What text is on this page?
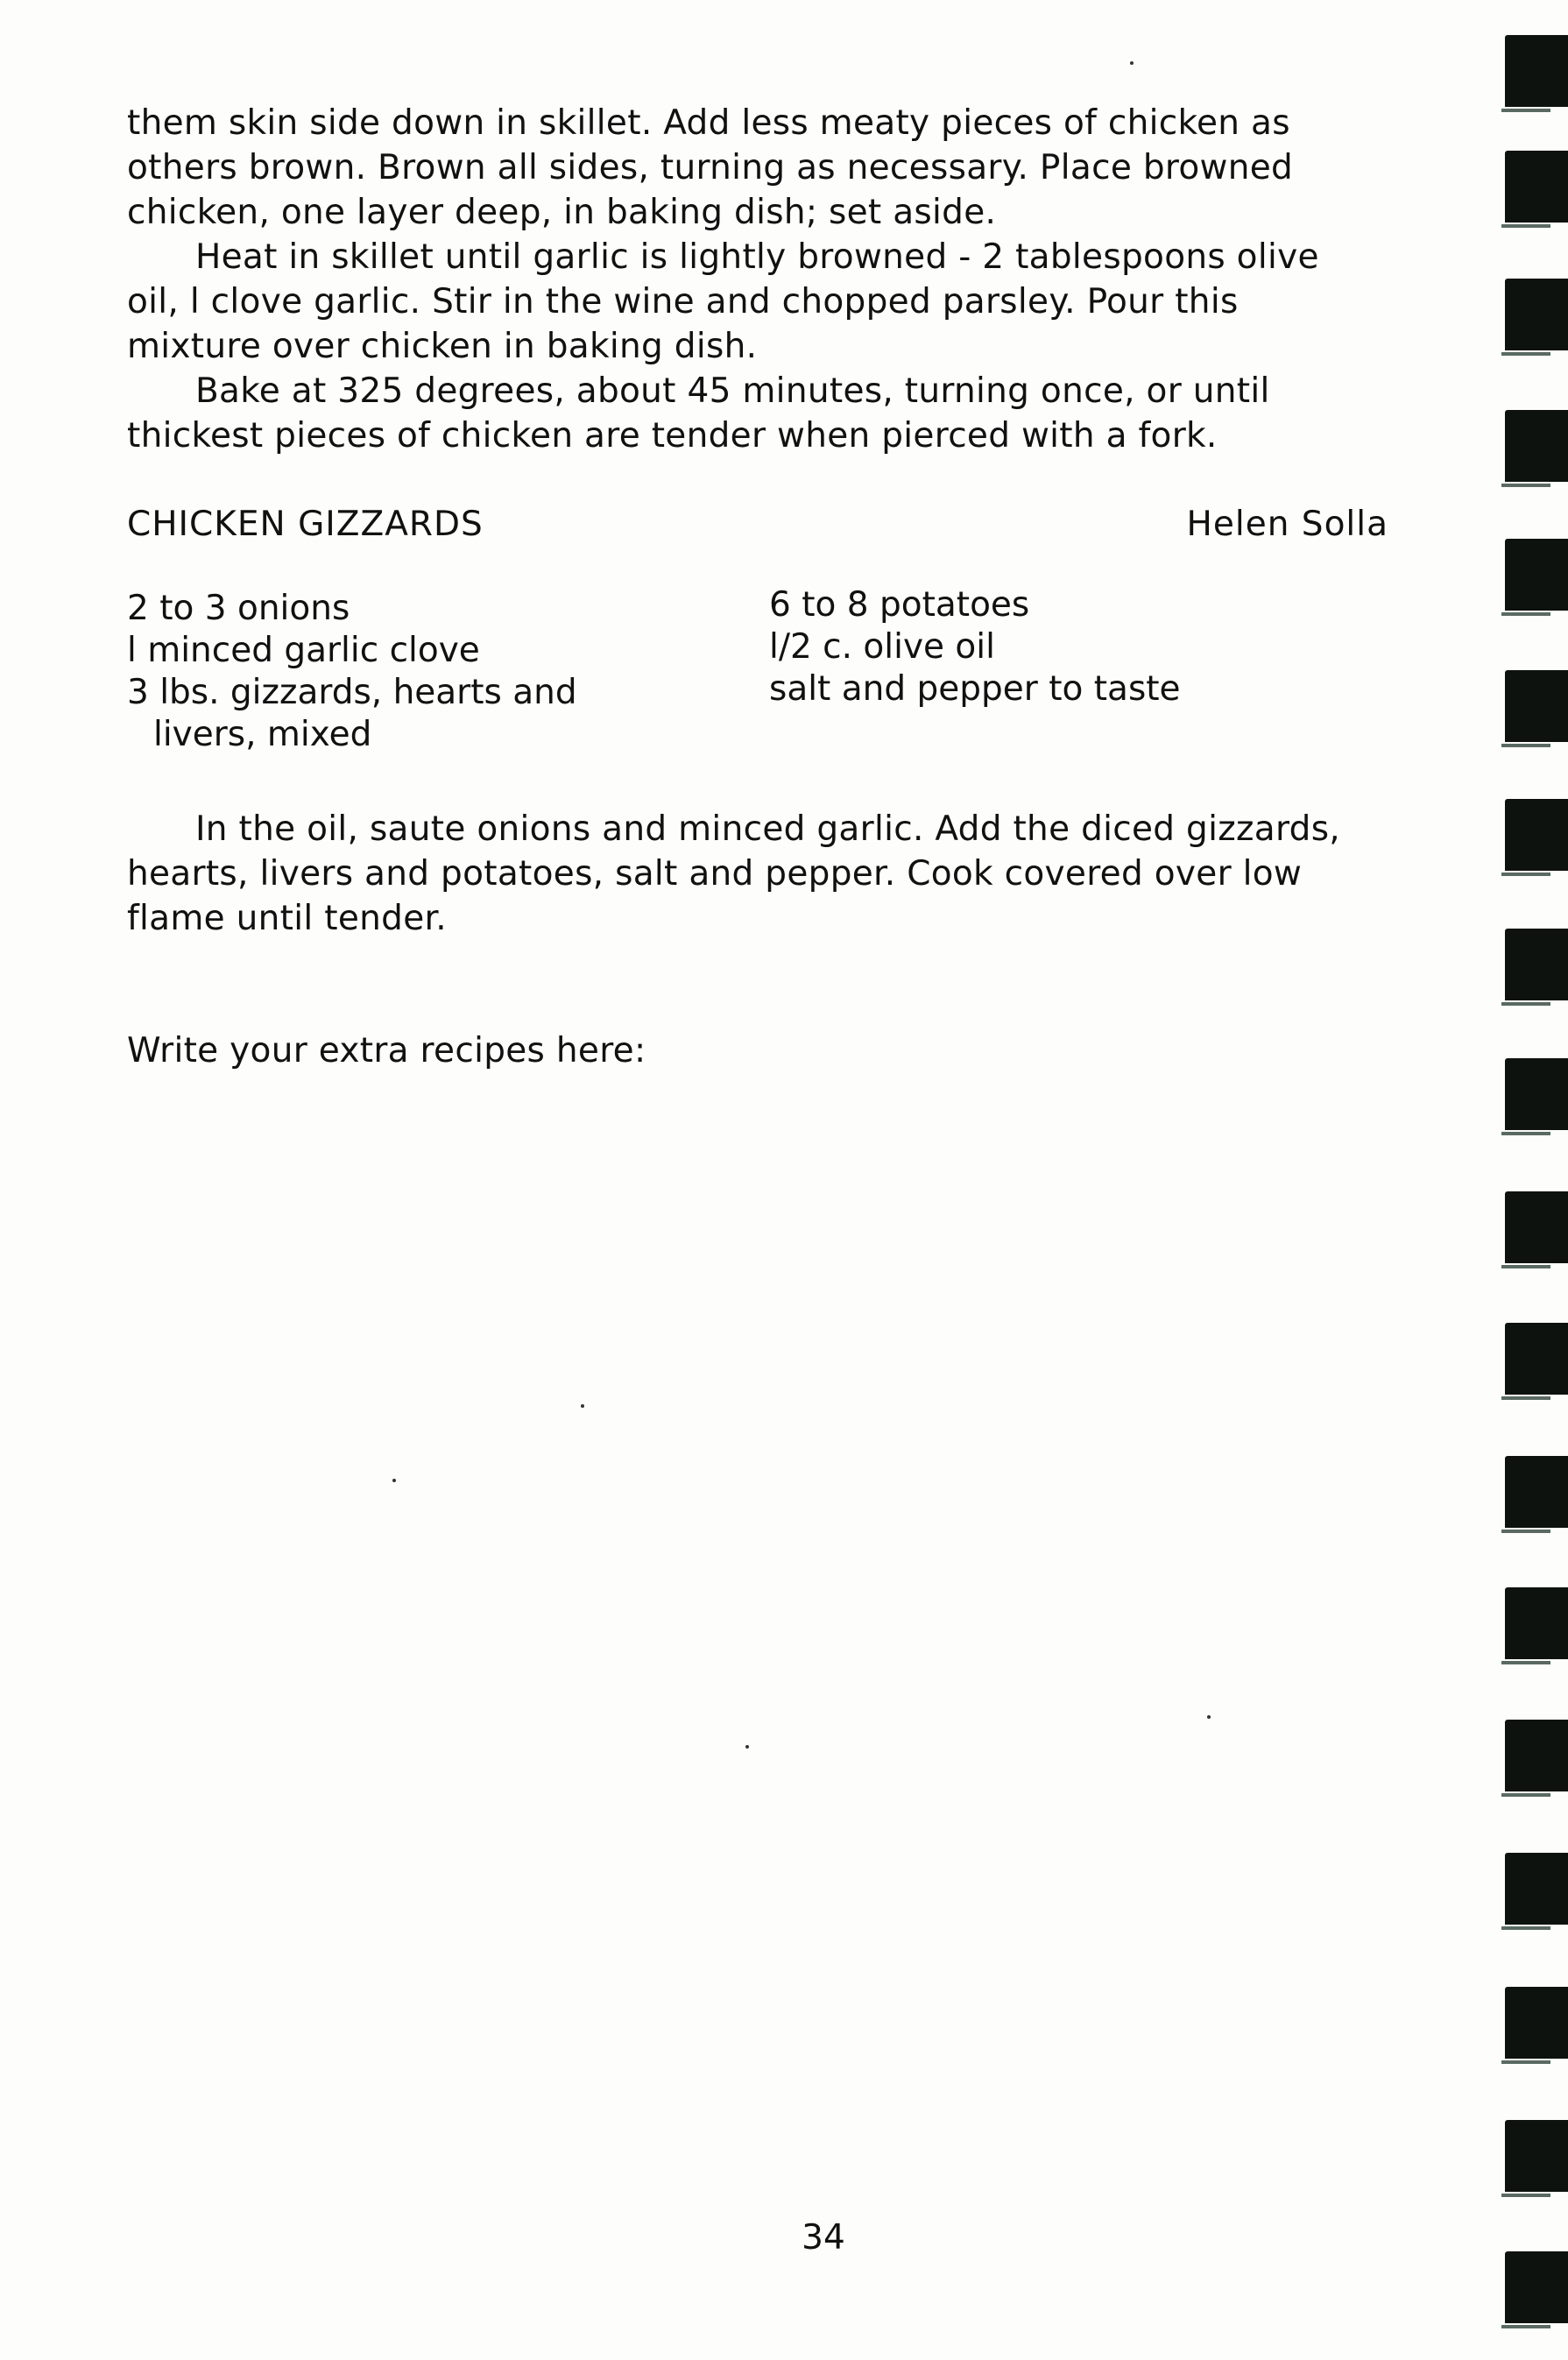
them skin side down in skillet. Add less meaty pieces of chicken as
others brown. Brown all sides, turning as necessary. Place browned
chicken, one layer deep, in baking dish; set aside.
Heat in skillet until garlic is lightly browned - 2 tablespoons olive
oil, l clove garlic. Stir in the wine and chopped parsley. Pour this
mixture over chicken in baking dish.
Bake at 325 degrees, about 45 minutes, turning once, or until
thickest pieces of chicken are tender when pierced with a fork.
CHICKEN GIZZARDS	Helen Solla
2 to 3 onions
l minced garlic clove
3 lbs. gizzards, hearts and
livers, mixed
6 to 8 potatoes
l/2 c. olive oil
salt and pepper to taste
In the oil, saute onions and minced garlic. Add the diced gizzards,
hearts, livers and potatoes, salt and pepper. Cook covered over low
flame until tender.
Write your extra recipes here:
34
